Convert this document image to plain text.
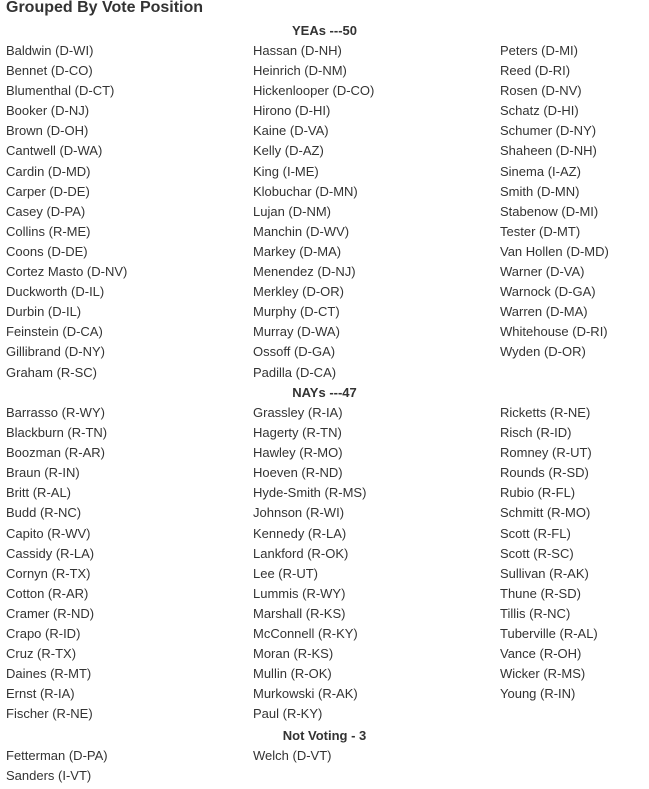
Grouped By Vote Position
YEAs ---50
Baldwin (D-WI)
Bennet (D-CO)
Blumenthal (D-CT)
Booker (D-NJ)
Brown (D-OH)
Cantwell (D-WA)
Cardin (D-MD)
Carper (D-DE)
Casey (D-PA)
Collins (R-ME)
Coons (D-DE)
Cortez Masto (D-NV)
Duckworth (D-IL)
Durbin (D-IL)
Feinstein (D-CA)
Gillibrand (D-NY)
Graham (R-SC)
Hassan (D-NH)
Heinrich (D-NM)
Hickenlooper (D-CO)
Hirono (D-HI)
Kaine (D-VA)
Kelly (D-AZ)
King (I-ME)
Klobuchar (D-MN)
Lujan (D-NM)
Manchin (D-WV)
Markey (D-MA)
Menendez (D-NJ)
Merkley (D-OR)
Murphy (D-CT)
Murray (D-WA)
Ossoff (D-GA)
Padilla (D-CA)
Peters (D-MI)
Reed (D-RI)
Rosen (D-NV)
Schatz (D-HI)
Schumer (D-NY)
Shaheen (D-NH)
Sinema (I-AZ)
Smith (D-MN)
Stabenow (D-MI)
Tester (D-MT)
Van Hollen (D-MD)
Warner (D-VA)
Warnock (D-GA)
Warren (D-MA)
Whitehouse (D-RI)
Wyden (D-OR)
NAYs ---47
Barrasso (R-WY)
Blackburn (R-TN)
Boozman (R-AR)
Braun (R-IN)
Britt (R-AL)
Budd (R-NC)
Capito (R-WV)
Cassidy (R-LA)
Cornyn (R-TX)
Cotton (R-AR)
Cramer (R-ND)
Crapo (R-ID)
Cruz (R-TX)
Daines (R-MT)
Ernst (R-IA)
Fischer (R-NE)
Grassley (R-IA)
Hagerty (R-TN)
Hawley (R-MO)
Hoeven (R-ND)
Hyde-Smith (R-MS)
Johnson (R-WI)
Kennedy (R-LA)
Lankford (R-OK)
Lee (R-UT)
Lummis (R-WY)
Marshall (R-KS)
McConnell (R-KY)
Moran (R-KS)
Mullin (R-OK)
Murkowski (R-AK)
Paul (R-KY)
Ricketts (R-NE)
Risch (R-ID)
Romney (R-UT)
Rounds (R-SD)
Rubio (R-FL)
Schmitt (R-MO)
Scott (R-FL)
Scott (R-SC)
Sullivan (R-AK)
Thune (R-SD)
Tillis (R-NC)
Tuberville (R-AL)
Vance (R-OH)
Wicker (R-MS)
Young (R-IN)
Not Voting - 3
Fetterman (D-PA)
Sanders (I-VT)
Welch (D-VT)
